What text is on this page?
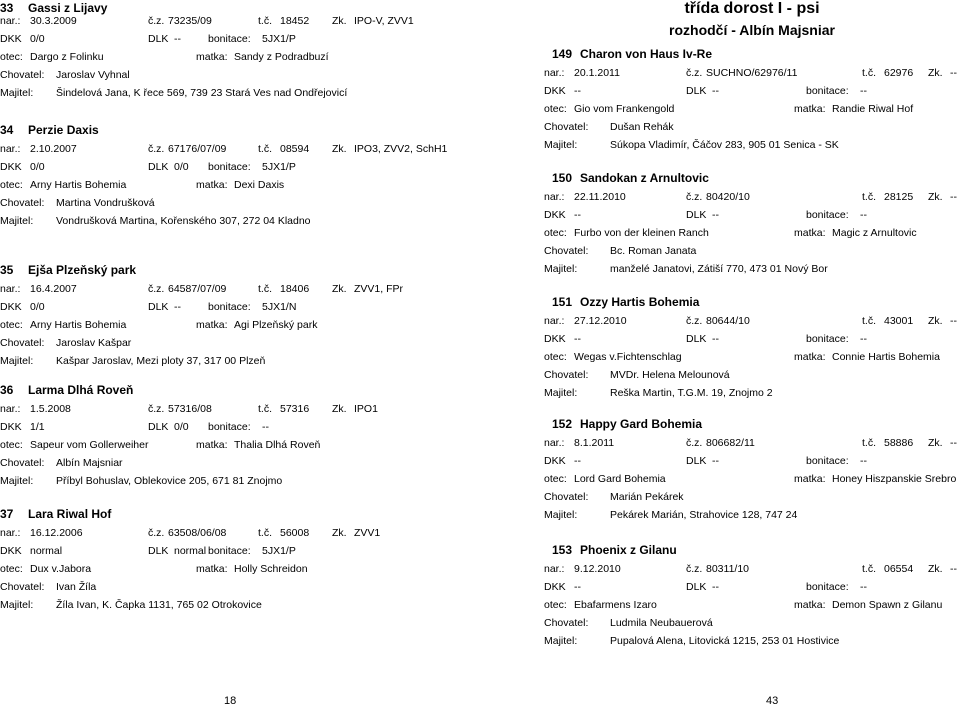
33 Gassi z Lijavy
nar.: 30.3.2009	č.z. 73235/09	t.č. 18452 Zk. IPO-V, ZVV1
DKK 0/0	DLK --	bonitace: 5JX1/P
otec: Dargo z Folinku	matka: Sandy z Podradbuzí
Chovatel: Jaroslav Vyhnal
Majitel: Šindelová Jana, K řece 569, 739 23 Stará Ves nad Ondřejovicí
34 Perzie Daxis
nar.: 2.10.2007	č.z. 67176/07/09	t.č. 08594 Zk. IPO3, ZVV2, SchH1
DKK 0/0	DLK 0/0 bonitace: 5JX1/P
otec: Arny Hartis Bohemia	matka: Dexi Daxis
Chovatel: Martina Vondrušková
Majitel: Vondrušková Martina, Kořenského 307, 272 04 Kladno
35 Ejša Plzeňský park
nar.: 16.4.2007	č.z. 64587/07/09	t.č. 18406 Zk. ZVV1, FPr
DKK 0/0	DLK --	bonitace: 5JX1/N
otec: Arny Hartis Bohemia	matka: Agi Plzeňský park
Chovatel: Jaroslav Kašpar
Majitel: Kašpar Jaroslav, Mezi ploty 37, 317 00 Plzeň
36 Larma Dlhá Roveň
nar.: 1.5.2008	č.z. 57316/08	t.č. 57316 Zk. IPO1
DKK 1/1	DLK 0/0 bonitace: --
otec: Sapeur vom Gollerweiher	matka: Thalia Dlhá Roveň
Chovatel: Albín Majsniar
Majitel: Příbyl Bohuslav, Oblekovice 205, 671 81 Znojmo
37 Lara Riwal Hof
nar.: 16.12.2006	č.z. 63508/06/08	t.č. 56008 Zk. ZVV1
DKK normal	DLK normal bonitace: 5JX1/P
otec: Dux v.Jabora	matka: Holly Schreidon
Chovatel: Ivan Žíla
Majitel: Žíla Ivan, K. Čapka 1131, 765 02 Otrokovice
třída dorost I - psi
rozhodčí - Albín Majsniar
149 Charon von Haus Iv-Re
nar.: 20.1.2011	č.z. SUCHNO/62976/11	t.č. 62976 Zk. --
DKK --	DLK --	bonitace: --
otec: Gio vom Frankengold	matka: Randie Riwal Hof
Chovatel: Dušan Rehák
Majitel:	Súkopa Vladimír, Čáčov 283, 905 01 Senica - SK
150 Sandokan z Arnultovic
nar.: 22.11.2010	č.z. 80420/10	t.č. 28125 Zk. --
DKK --	DLK --	bonitace: --
otec: Furbo von der kleinen Ranch	matka: Magic z Arnultovic
Chovatel: Bc. Roman Janata
Majitel:	manželé Janatovi, Zátiší 770, 473 01 Nový Bor
151 Ozzy Hartis Bohemia
nar.: 27.12.2010	č.z. 80644/10	t.č. 43001 Zk. --
DKK --	DLK --	bonitace: --
otec: Wegas v.Fichtenschlag	matka: Connie Hartis Bohemia
Chovatel: MVDr. Helena Melounová
Majitel:	Reška Martin, T.G.M. 19, Znojmo 2
152 Happy Gard Bohemia
nar.: 8.1.2011	č.z. 806682/11	t.č. 58886 Zk. --
DKK --	DLK --	bonitace: --
otec: Lord Gard Bohemia	matka: Honey Hiszpanskie Srebro
Chovatel: Marián Pekárek
Majitel:	Pekárek Marián, Strahovice 128, 747 24
153 Phoenix z Gilanu
nar.: 9.12.2010	č.z. 80311/10	t.č. 06554 Zk. --
DKK --	DLK --	bonitace: --
otec: Ebafarmens Izaro	matka: Demon Spawn z Gilanu
Chovatel: Ludmila Neubauerová
Majitel:	Pupalová Alena, Litovická 1215, 253 01 Hostivice
18	43
